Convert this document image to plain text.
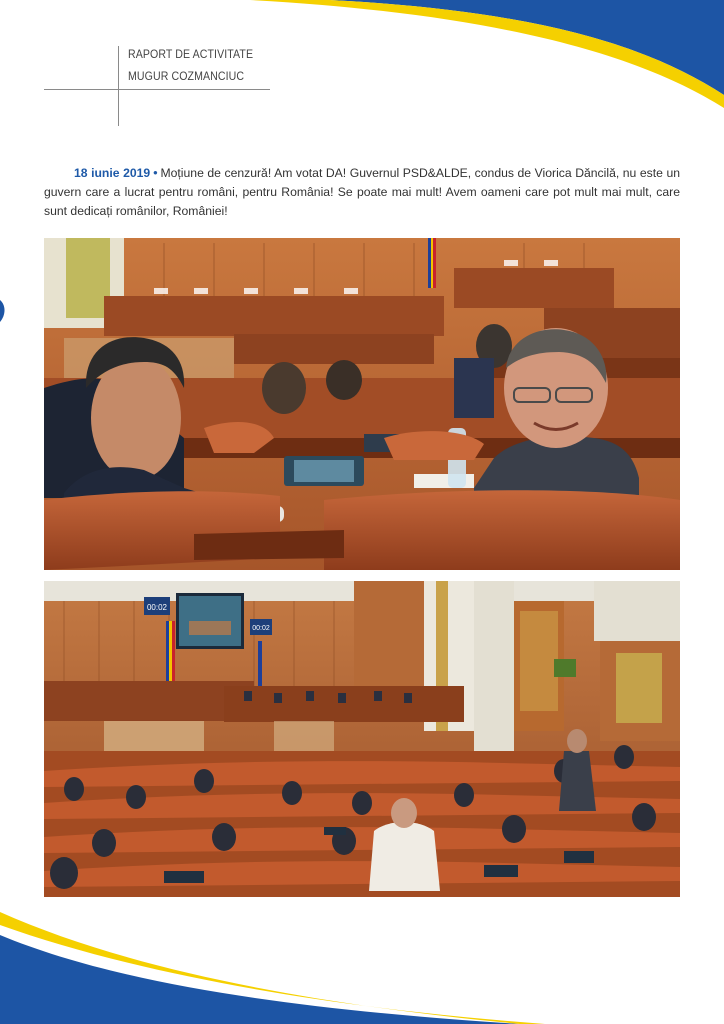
RAPORT DE ACTIVITATE
MUGUR COZMANCIUC
18 iunie 2019 • Moțiune de cenzură! Am votat DA! Guvernul PSD&ALDE, condus de Viorica Dăncilă, nu este un guvern care a lucrat pentru români, pentru România! Se poate mai mult! Avem oameni care pot mult mai mult, care sunt dedicați românilor, României!
00:02
00:02
